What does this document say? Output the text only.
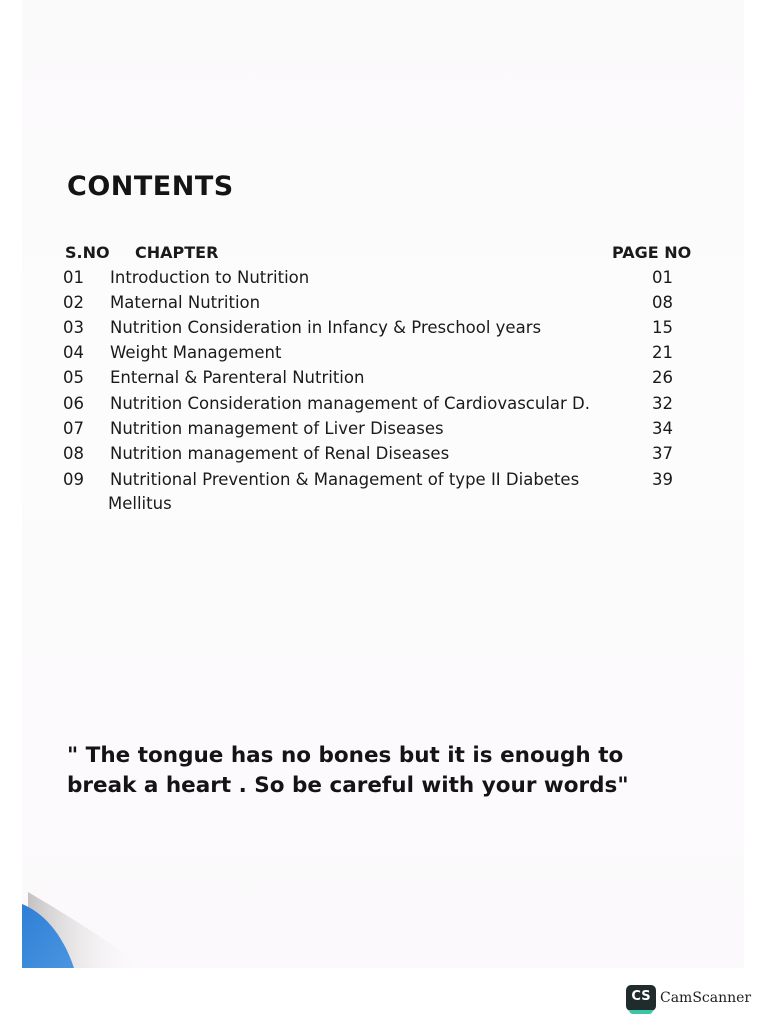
CONTENTS
S.NO CHAPTER	PAGE NO
01 Introduction to Nutrition	01
02 Maternal Nutrition	08
03 Nutrition Consideration in Infancy & Preschool years	15
04 Weight Management	21
05 Enternal & Parenteral Nutrition	26
06 Nutrition Consideration management of Cardiovascular D.	32
07 Nutrition management of Liver Diseases	34
08 Nutrition management of Renal Diseases	37
09 Nutritional Prevention & Management of type II Diabetes	39
Mellitus
" The tongue has no bones but it is enough to
break a heart . So be careful with your words"
CS CamScanner
